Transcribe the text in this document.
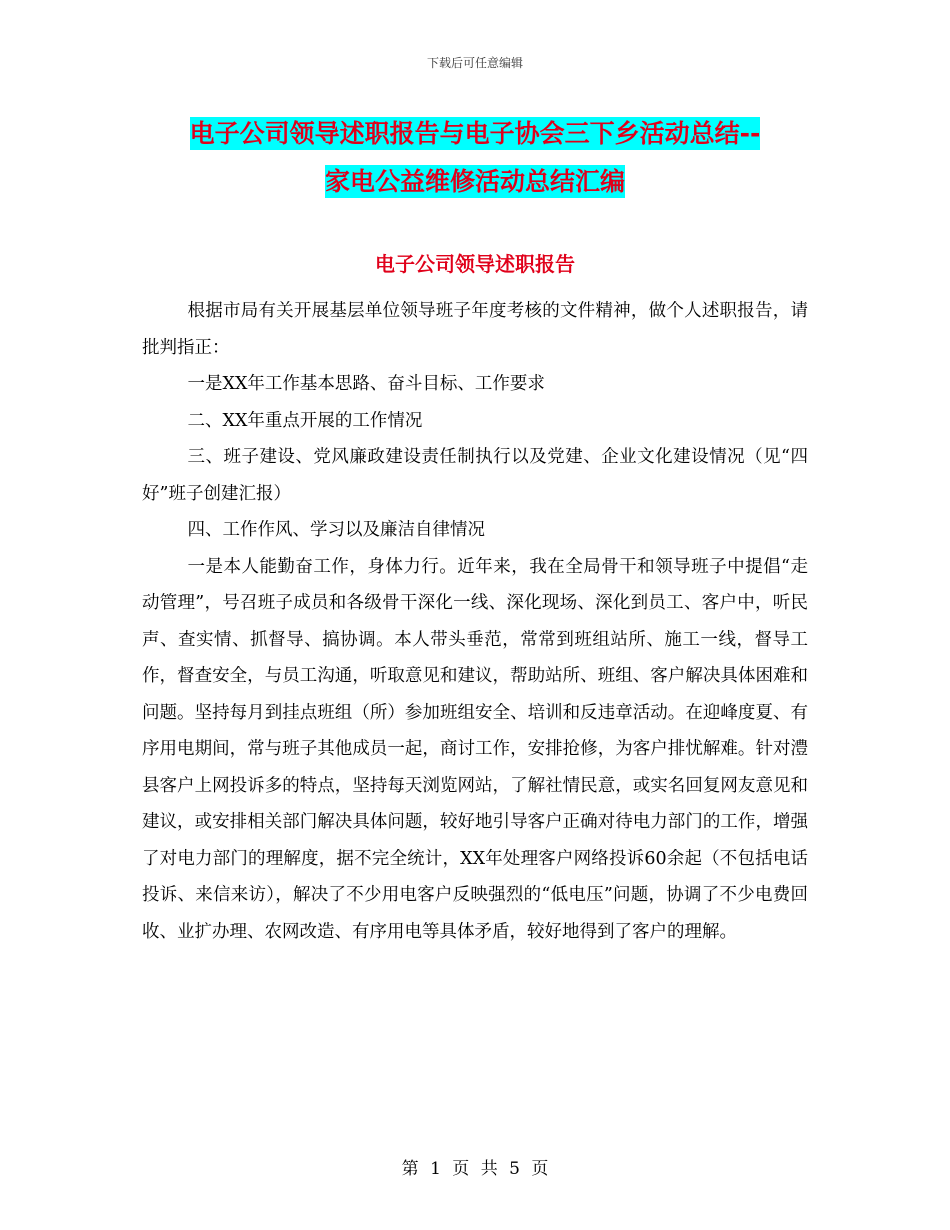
下载后可任意编辑
电子公司领导述职报告与电子协会三下乡活动总结--
家电公益维修活动总结汇编
电子公司领导述职报告

根据市局有关开展基层单位领导班子年度考核的文件精神，做个人述职报告，请批判指正：

一是XX年工作基本思路、奋斗目标、工作要求

二、XX年重点开展的工作情况

三、班子建设、党风廉政建设责任制执行以及党建、企业文化建设情况（见“四好”班子创建汇报）

四、工作作风、学习以及廉洁自律情况

一是本人能勤奋工作，身体力行。近年来，我在全局骨干和领导班子中提倡“走动管理”，号召班子成员和各级骨干深化一线、深化现场、深化到员工、客户中，听民声、查实情、抓督导、搞协调。本人带头垂范，常常到班组站所、施工一线，督导工作，督查安全，与员工沟通，听取意见和建议，帮助站所、班组、客户解决具体困难和问题。坚持每月到挂点班组（所）参加班组安全、培训和反违章活动。在迎峰度夏、有序用电期间，常与班子其他成员一起，商讨工作，安排抢修，为客户排忧解难。针对澧县客户上网投诉多的特点，坚持每天浏览网站，了解社情民意，或实名回复网友意见和建议，或安排相关部门解决具体问题，较好地引导客户正确对待电力部门的工作，增强了对电力部门的理解度，据不完全统计，XX年处理客户网络投诉60余起（不包括电话投诉、来信来访），解决了不少用电客户反映强烈的“低电压”问题，协调了不少电费回收、业扩办理、农网改造、有序用电等具体矛盾，较好地得到了客户的理解。

第 1 页 共 5 页
